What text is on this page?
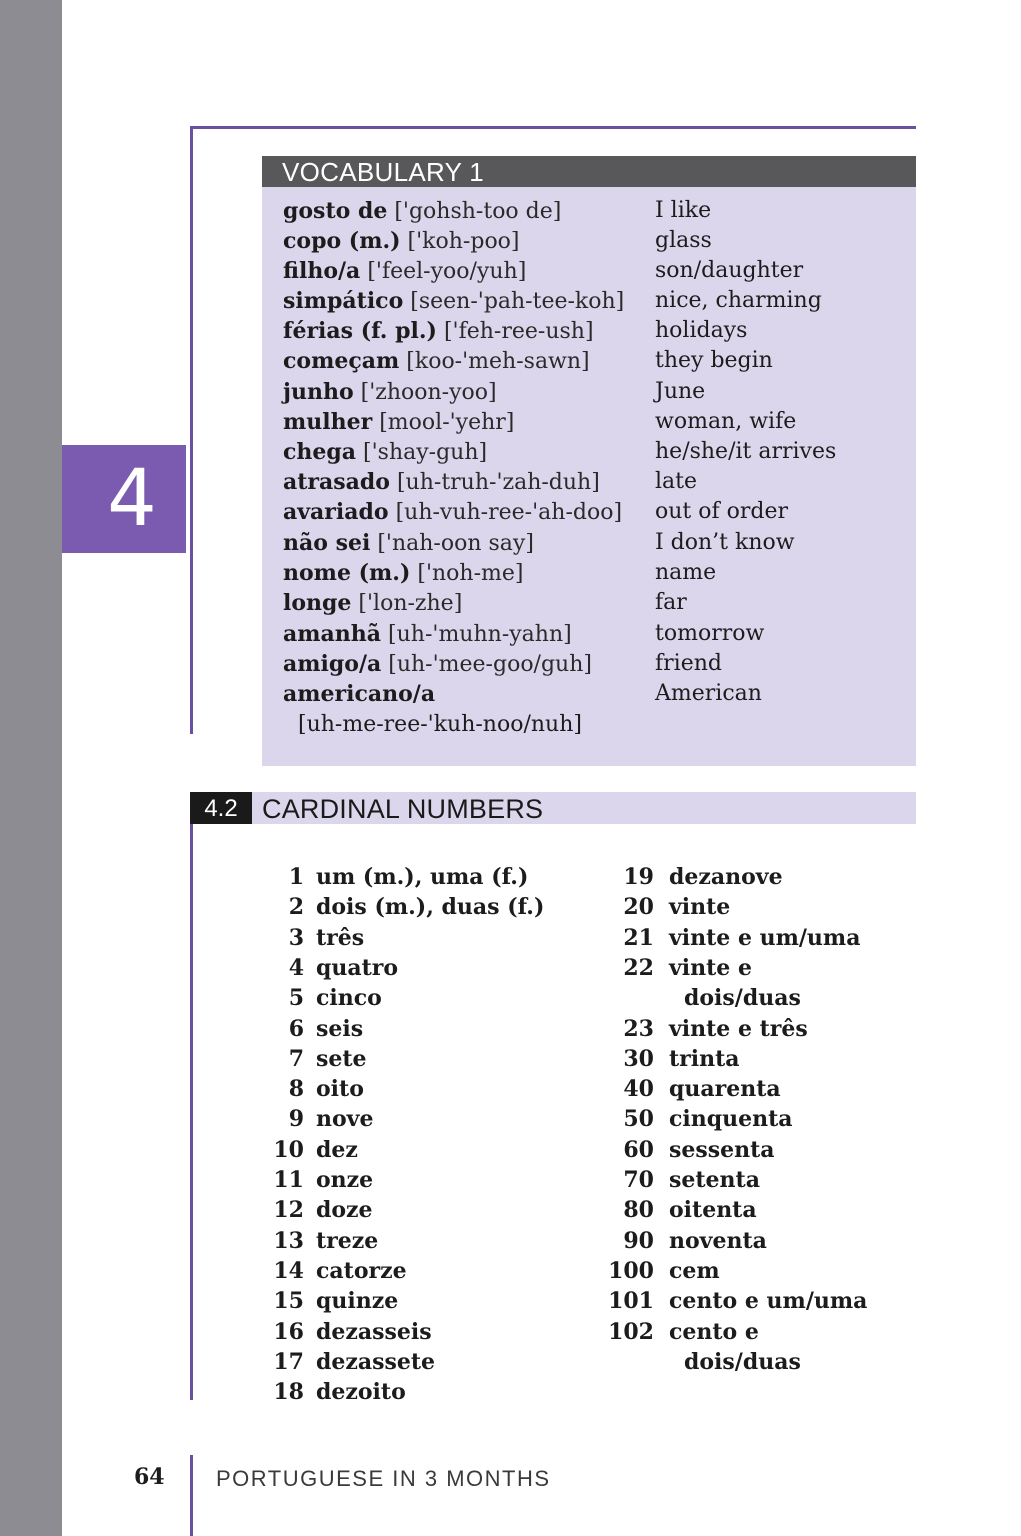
4
VOCABULARY 1
gosto de ['gohsh-too de]	I like
copo (m.) ['koh-poo]	glass
filho/a ['feel-yoo/yuh]	son/daughter
simpático [seen-'pah-tee-koh] nice, charming
férias (f. pl.) ['feh-ree-ush]	holidays
começam [koo-'meh-sawn]	they begin
junho ['zhoon-yoo]	June
mulher [mool-'yehr]	woman, wife
chega ['shay-guh]	he/she/it arrives
atrasado [uh-truh-'zah-duh]	late
avariado [uh-vuh-ree-'ah-doo] out of order
não sei ['nah-oon say]	I don’t know
nome (m.) ['noh-me]	name
longe ['lon-zhe]	far
amanhã [uh-'muhn-yahn]	tomorrow
amigo/a [uh-'mee-goo/guh]	friend
americano/a	American
[uh-me-ree-'kuh-noo/nuh]
4.2 CARDINAL NUMBERS
1 um (m.), uma (f.)
2 dois (m.), duas (f.)
3 três
4 quatro
5 cinco
6 seis
7 sete
8 oito
9 nove
10 dez
11 onze
12 doze
13 treze
14 catorze
15 quinze
16 dezasseis
17 dezassete
18 dezoito
19 dezanove
20 vinte
21 vinte e um/uma
22 vinte e
dois/duas
23 vinte e três
30 trinta
40 quarenta
50 cinquenta
60 sessenta
70 setenta
80 oitenta
90 noventa
100 cem
101 cento e um/uma
102 cento e
dois/duas
64 PORTUGUESE IN 3 MONTHS
